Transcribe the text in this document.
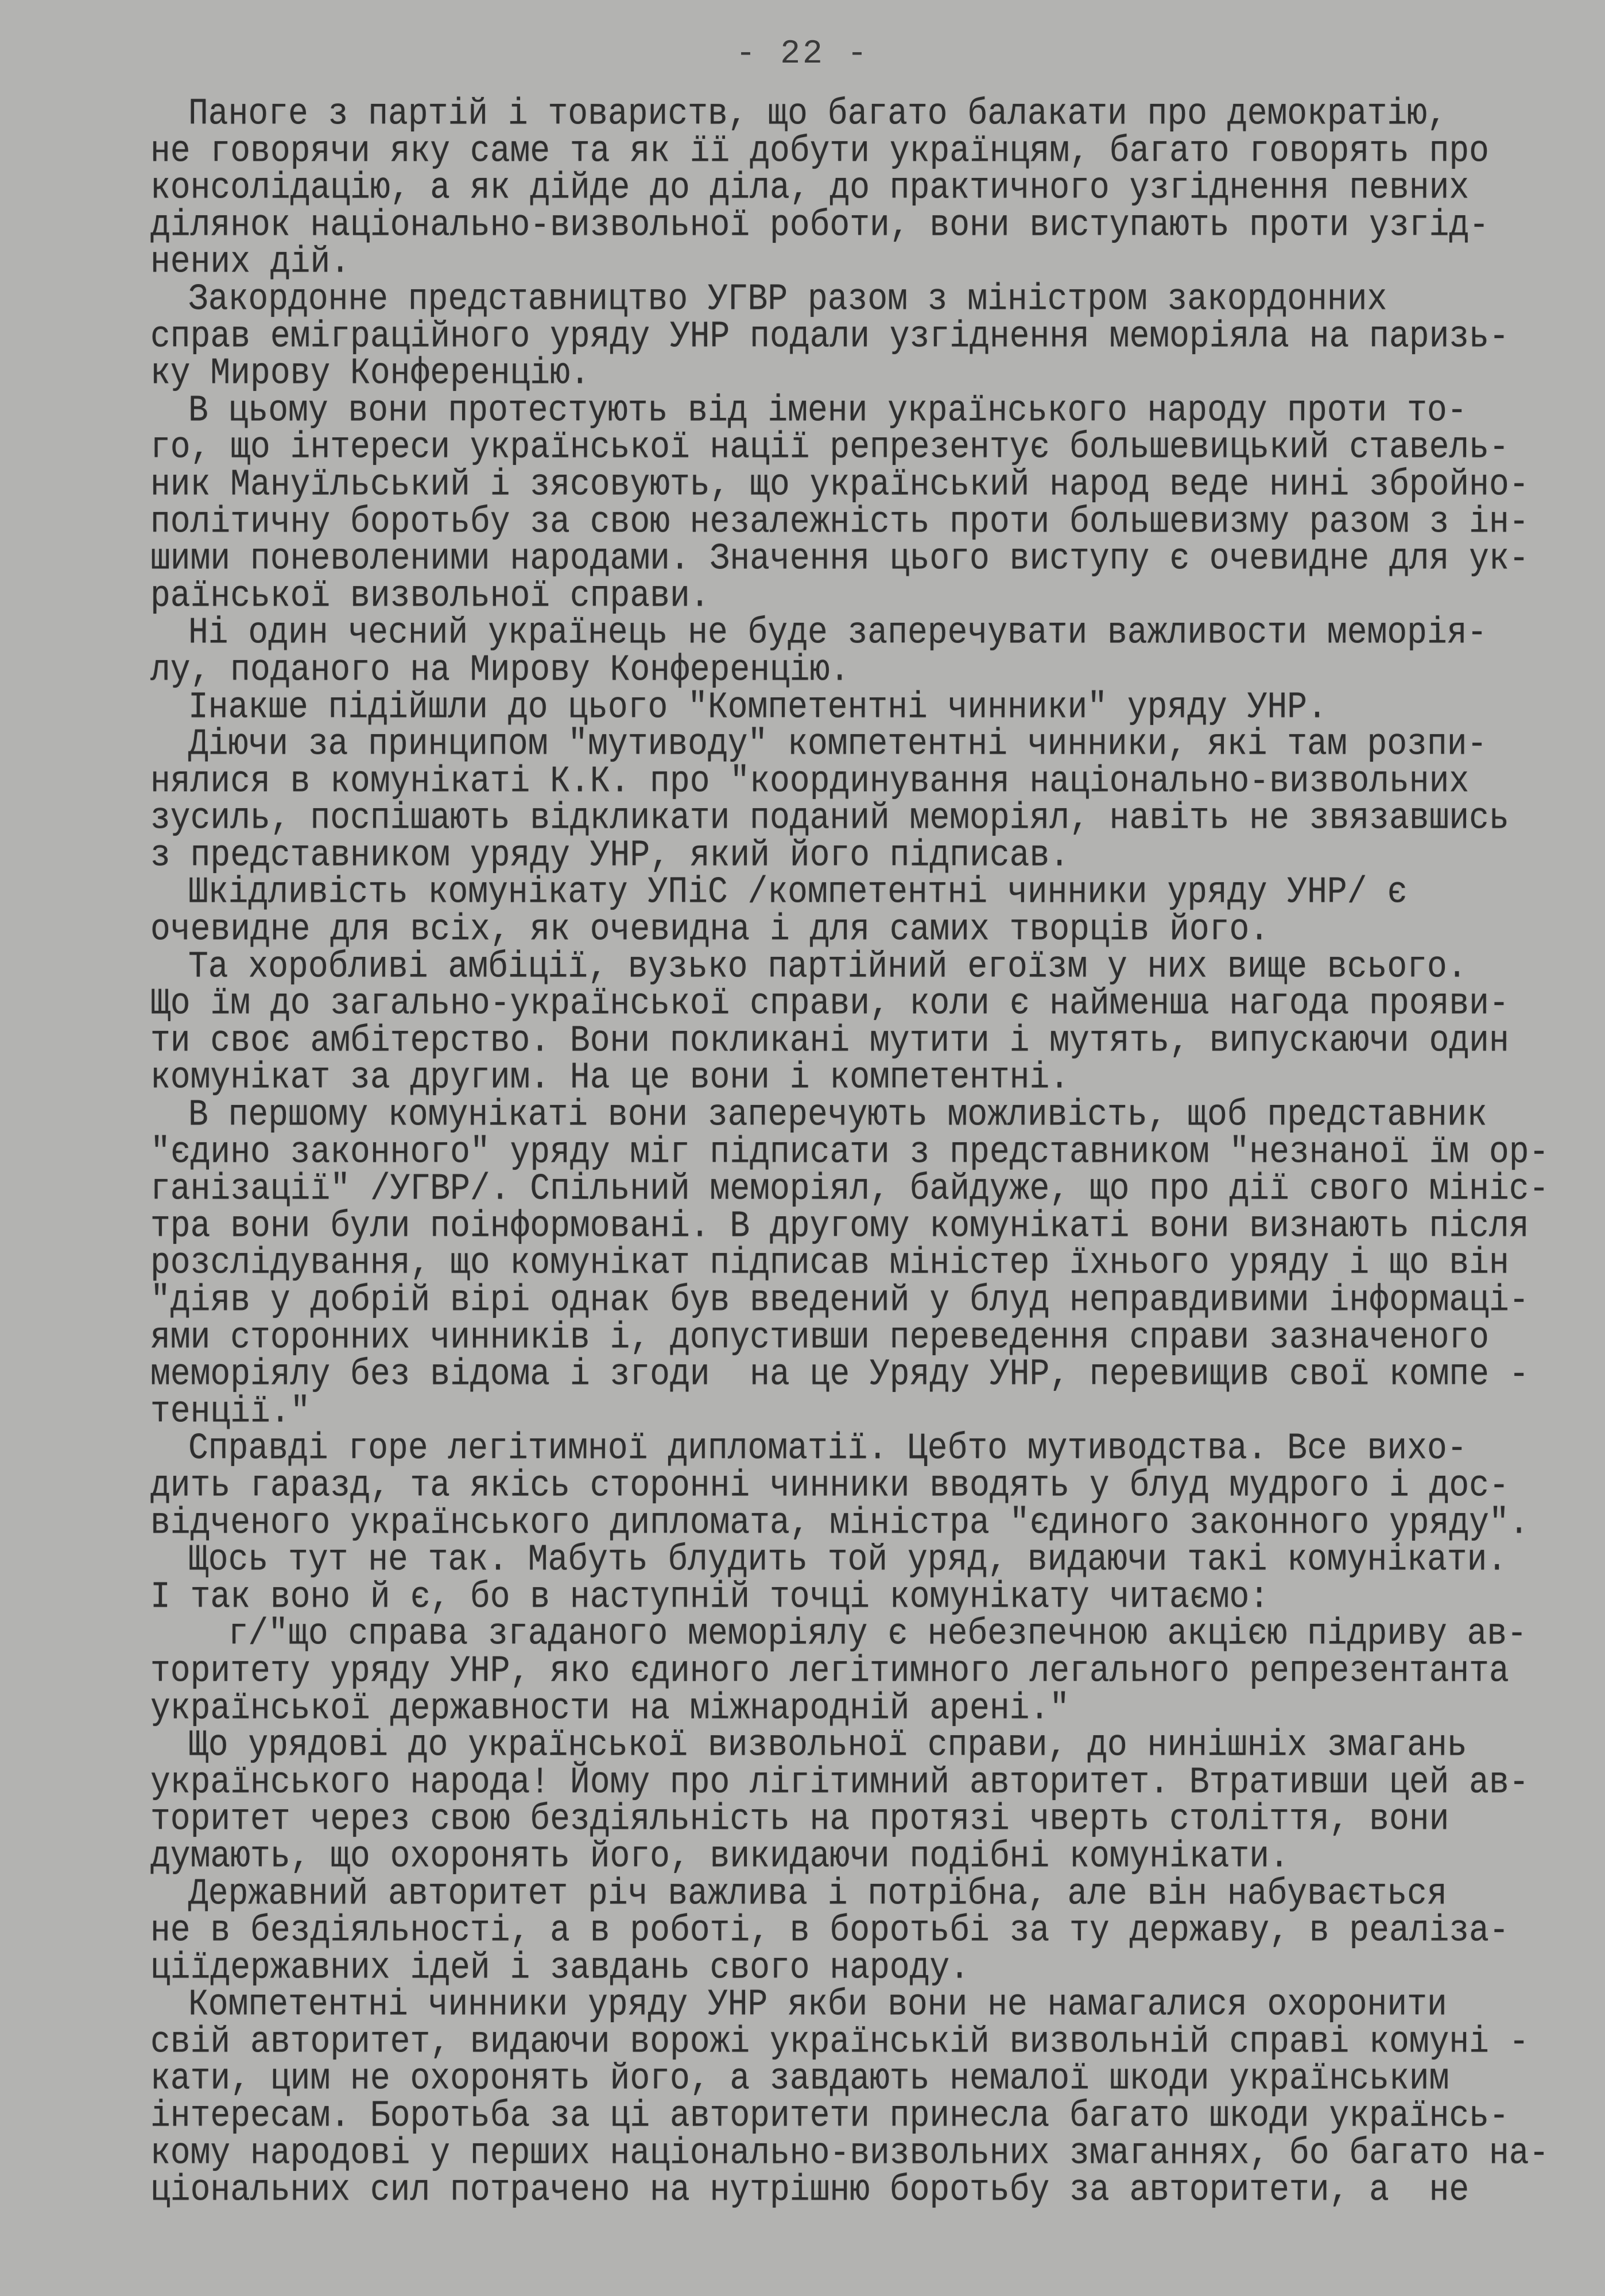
- 22 -
Паноге з партій і товариств, що багато балакати про демократію,
не говорячи яку саме та як її добути українцям, багато говорять про
консолідацію, а як дійде до діла, до практичного узгіднення певних
ділянок національно-визвольної роботи, вони виступають проти узгід-
нених дій.
Закордонне представництво УГВР разом з міністром закордонних
справ еміграційного уряду УНР подали узгіднення меморіяла на паризь-
ку Мирову Конференцію.
В цьому вони протестують від імени українського народу проти то-
го, що інтереси української нації репрезентує большевицький ставель-
ник Мануїльський і зясовують, що український народ веде нині збройно-
політичну боротьбу за свою незалежність проти большевизму разом з ін-
шими поневоленими народами. Значення цього виступу є очевидне для ук-
раїнської визвольної справи.
Ні один чесний українець не буде заперечувати важливости меморія-
лу, поданого на Мирову Конференцію.
Інакше підійшли до цього "Компетентні чинники" уряду УНР.
Діючи за принципом "мутиводу" компетентні чинники, які там розпи-
нялися в комунікаті К.К. про "координування національно-визвольних
зусиль, поспішають відкликати поданий меморіял, навіть не звязавшись
з представником уряду УНР, який його підписав.
Шкідливість комунікату УПіС /компетентні чинники уряду УНР/ є
очевидне для всіх, як очевидна і для самих творців його.
Та хоробливі амбіції, вузько партійний егоїзм у них вище всього.
Що їм до загально-української справи, коли є найменша нагода прояви-
ти своє амбітерство. Вони покликані мутити і мутять, випускаючи один
комунікат за другим. На це вони і компетентні.
В першому комунікаті вони заперечують можливість, щоб представник
"єдино законного" уряду міг підписати з представником "незнаної їм ор-
ганізації" /УГВР/. Спільний меморіял, байдуже, що про дії свого мініс-
тра вони були поінформовані. В другому комунікаті вони визнають після
розслідування, що комунікат підписав міністер їхнього уряду і що він
"діяв у добрій вірі однак був введений у блуд неправдивими інформаці-
ями сторонних чинників і, допустивши переведення справи зазначеного
меморіялу без відома і згоди  на це Уряду УНР, перевищив свої компе -
тенції."
Справді горе легітимної дипломатії. Цебто мутиводства. Все вихо-
дить гаразд, та якісь сторонні чинники вводять у блуд мудрого і дос-
відченого українського дипломата, міністра "єдиного законного уряду".
Щось тут не так. Мабуть блудить той уряд, видаючи такі комунікати.
І так воно й є, бо в наступній точці комунікату читаємо:
г/"що справа згаданого меморіялу є небезпечною акцією підриву ав-
торитету уряду УНР, яко єдиного легітимного легального репрезентанта
української державности на міжнародній арені."
Що урядові до української визвольної справи, до нинішніх змагань
українського народа! Йому про лігітимний авторитет. Втративши цей ав-
торитет через свою бездіяльність на протязі чверть століття, вони
думають, що охоронять його, викидаючи подібні комунікати.
Державний авторитет річ важлива і потрібна, але він набувається
не в бездіяльності, а в роботі, в боротьбі за ту державу, в реаліза-
ціїдержавних ідей і завдань свого народу.
Компетентні чинники уряду УНР якби вони не намагалися охоронити
свій авторитет, видаючи ворожі українській визвольній справі комуні -
кати, цим не охоронять його, а завдають немалої шкоди українським
інтересам. Боротьба за ці авторитети принесла багато шкоди українсь-
кому народові у перших національно-визвольних змаганнях, бо багато на-
ціональних сил потрачено на нутрішню боротьбу за авторитети, а  не
